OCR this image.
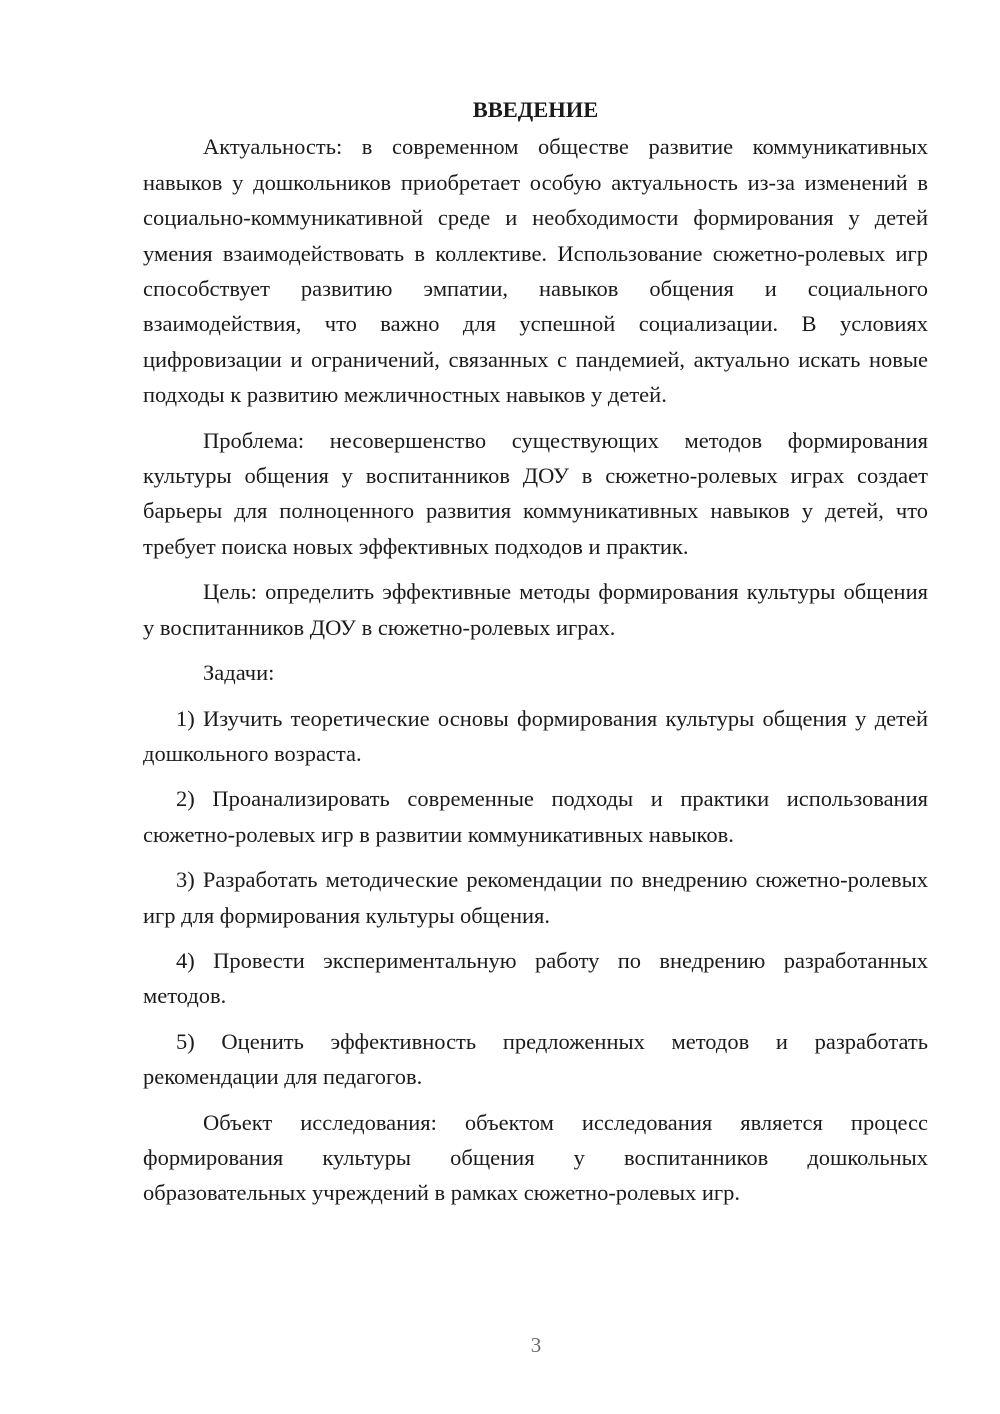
ВВЕДЕНИЕ

Актуальность: в современном обществе развитие коммуникативных навыков у дошкольников приобретает особую актуальность из-за изменений в социально-коммуникативной среде и необходимости формирования у детей умения взаимодействовать в коллективе. Использование сюжетно-ролевых игр способствует развитию эмпатии, навыков общения и социального взаимодействия, что важно для успешной социализации. В условиях цифровизации и ограничений, связанных с пандемией, актуально искать новые подходы к развитию межличностных навыков у детей.

Проблема: несовершенство существующих методов формирования культуры общения у воспитанников ДОУ в сюжетно-ролевых играх создает барьеры для полноценного развития коммуникативных навыков у детей, что требует поиска новых эффективных подходов и практик.

Цель: определить эффективные методы формирования культуры общения у воспитанников ДОУ в сюжетно-ролевых играх.

Задачи:

1) Изучить теоретические основы формирования культуры общения у детей дошкольного возраста.

2) Проанализировать современные подходы и практики использования сюжетно-ролевых игр в развитии коммуникативных навыков.

3) Разработать методические рекомендации по внедрению сюжетно-ролевых игр для формирования культуры общения.

4) Провести экспериментальную работу по внедрению разработанных методов.

5) Оценить эффективность предложенных методов и разработать рекомендации для педагогов.

Объект исследования: объектом исследования является процесс формирования культуры общения у воспитанников дошкольных образовательных учреждений в рамках сюжетно-ролевых игр.

3
